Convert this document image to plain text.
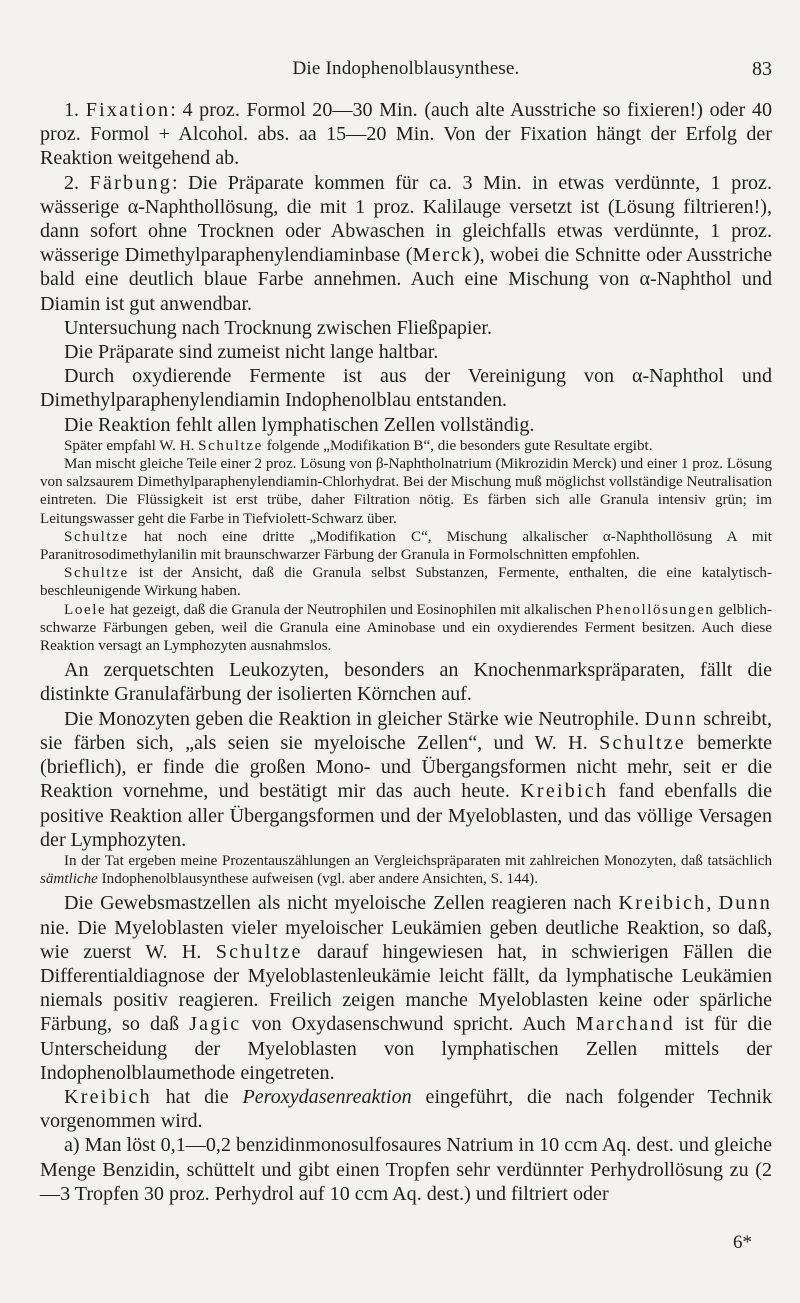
Die Indophenolblausynthese.	83

1. Fixation: 4 proz. Formol 20—30 Min. (auch alte Ausstriche so fixieren!) oder 40 proz. Formol + Alcohol. abs. aa 15—20 Min. Von der Fixation hängt der Erfolg der Reaktion weitgehend ab.

2. Färbung: Die Präparate kommen für ca. 3 Min. in etwas verdünnte, 1 proz. wässerige α-Naphthollösung, die mit 1 proz. Kalilauge versetzt ist (Lösung filtrieren!), dann sofort ohne Trocknen oder Abwaschen in gleichfalls etwas verdünnte, 1 proz. wässerige Dimethylparaphenylendiaminbase (Merck), wobei die Schnitte oder Ausstriche bald eine deutlich blaue Farbe annehmen. Auch eine Mischung von α-Naphthol und Diamin ist gut anwendbar.

Untersuchung nach Trocknung zwischen Fließpapier.

Die Präparate sind zumeist nicht lange haltbar.

Durch oxydierende Fermente ist aus der Vereinigung von α-Naphthol und Dimethylparaphenylendiamin Indophenolblau entstanden.

Die Reaktion fehlt allen lymphatischen Zellen vollständig.

Später empfahl W. H. Schultze folgende „Modifikation B“, die besonders gute Resultate ergibt.

Man mischt gleiche Teile einer 2 proz. Lösung von β-Naphtholnatrium (Mikrozidin Merck) und einer 1 proz. Lösung von salzsaurem Dimethylparaphenylendiamin-Chlorhydrat. Bei der Mischung muß möglichst vollständige Neutralisation eintreten. Die Flüssigkeit ist erst trübe, daher Filtration nötig. Es färben sich alle Granula intensiv grün; im Leitungswasser geht die Farbe in Tiefviolett-Schwarz über.

Schultze hat noch eine dritte „Modifikation C“, Mischung alkalischer α-Naphthollösung A mit Paranitrosodimethylanilin mit braunschwarzer Färbung der Granula in Formolschnitten empfohlen.

Schultze ist der Ansicht, daß die Granula selbst Substanzen, Fermente, enthalten, die eine katalytisch-beschleunigende Wirkung haben.

Loele hat gezeigt, daß die Granula der Neutrophilen und Eosinophilen mit alkalischen Phenollösungen gelblich-schwarze Färbungen geben, weil die Granula eine Aminobase und ein oxydierendes Ferment besitzen. Auch diese Reaktion versagt an Lymphozyten ausnahmslos.

An zerquetschten Leukozyten, besonders an Knochenmarkspräparaten, fällt die distinkte Granulafärbung der isolierten Körnchen auf.

Die Monozyten geben die Reaktion in gleicher Stärke wie Neutrophile. Dunn schreibt, sie färben sich, „als seien sie myeloische Zellen“, und W. H. Schultze bemerkte (brieflich), er finde die großen Mono- und Übergangsformen nicht mehr, seit er die Reaktion vornehme, und bestätigt mir das auch heute. Kreibich fand ebenfalls die positive Reaktion aller Übergangsformen und der Myeloblasten, und das völlige Versagen der Lymphozyten.

In der Tat ergeben meine Prozentauszählungen an Vergleichspräparaten mit zahlreichen Monozyten, daß tatsächlich sämtliche Indophenolblausynthese aufweisen (vgl. aber andere Ansichten, S. 144).

Die Gewebsmastzellen als nicht myeloische Zellen reagieren nach Kreibich, Dunn nie. Die Myeloblasten vieler myeloischer Leukämien geben deutliche Reaktion, so daß, wie zuerst W. H. Schultze darauf hingewiesen hat, in schwierigen Fällen die Differentialdiagnose der Myeloblastenleukämie leicht fällt, da lymphatische Leukämien niemals positiv reagieren. Freilich zeigen manche Myeloblasten keine oder spärliche Färbung, so daß Jagic von Oxydasenschwund spricht. Auch Marchand ist für die Unterscheidung der Myeloblasten von lymphatischen Zellen mittels der Indophenolblaumethode eingetreten.

Kreibich hat die Peroxydasenreaktion eingeführt, die nach folgender Technik vorgenommen wird.

a) Man löst 0,1—0,2 benzidinmonosulfosaures Natrium in 10 ccm Aq. dest. und gleiche Menge Benzidin, schüttelt und gibt einen Tropfen sehr verdünnter Perhydrollösung zu (2—3 Tropfen 30 proz. Perhydrol auf 10 ccm Aq. dest.) und filtriert oder

6*
